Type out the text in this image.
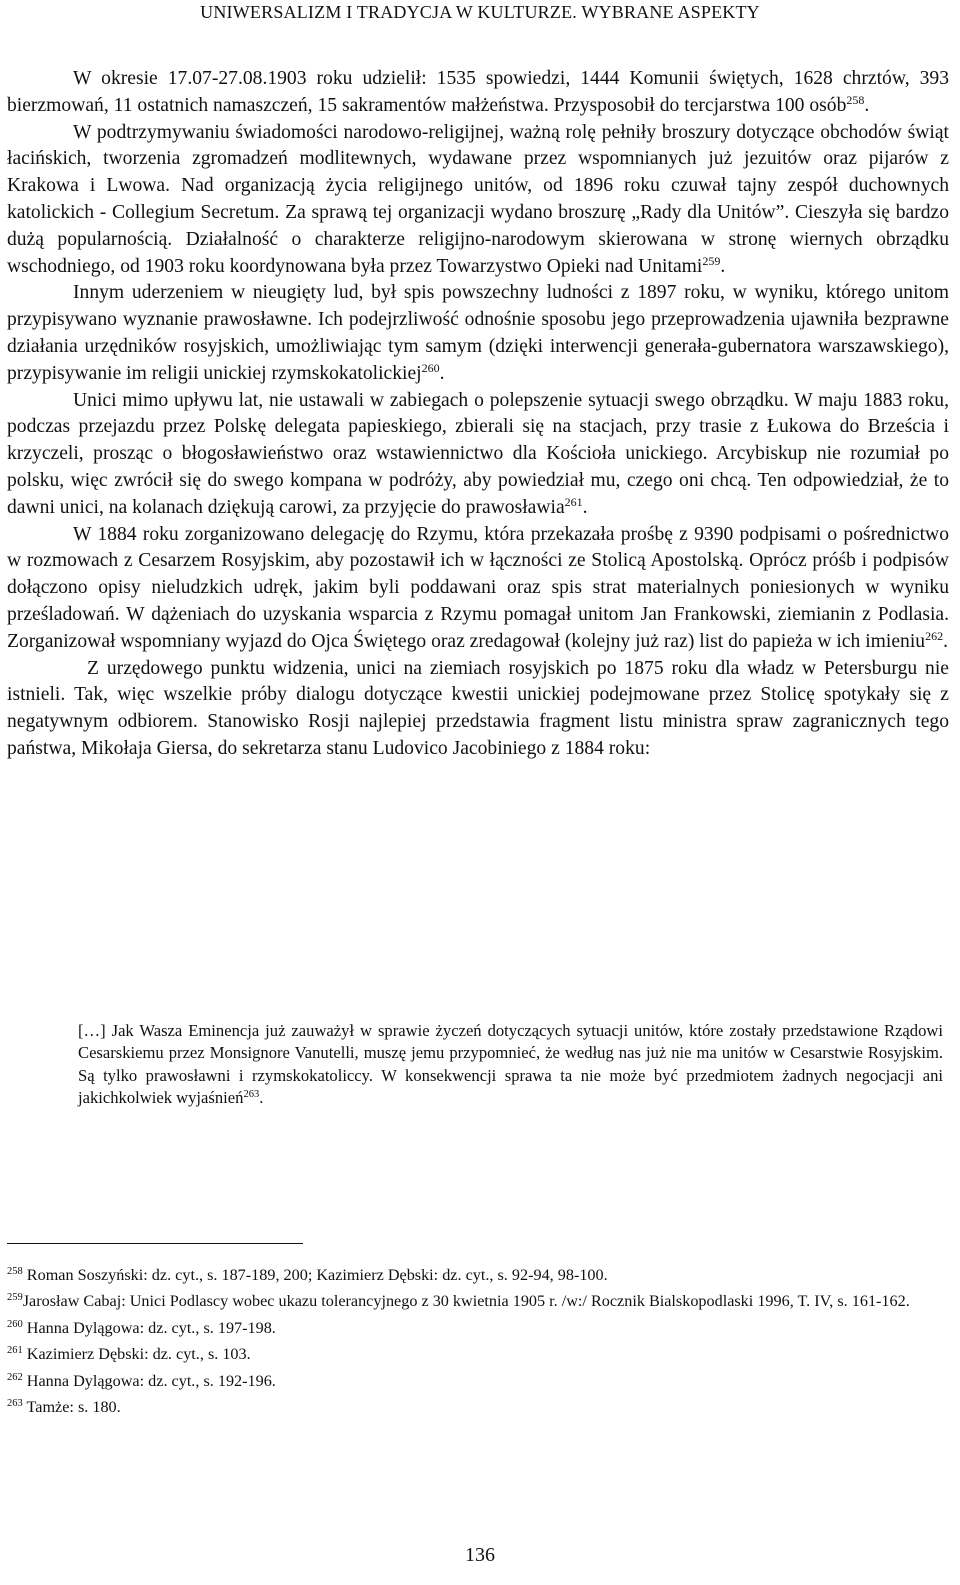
UNIWERSALIZM I TRADYCJA W KULTURZE. WYBRANE ASPEKTY

W okresie 17.07-27.08.1903 roku udzielił: 1535 spowiedzi, 1444 Komunii świętych, 1628 chrztów, 393 bierzmowań, 11 ostatnich namaszczeń, 15 sakramentów małżeństwa. Przysposobił do tercjarstwa 100 osób$^{258}$.

W podtrzymywaniu świadomości narodowo-religijnej, ważną rolę pełniły broszury dotyczące obchodów świąt łacińskich, tworzenia zgromadzeń modlitewnych, wydawane przez wspomnianych już jezuitów oraz pijarów z Krakowa i Lwowa. Nad organizacją życia religijnego unitów, od 1896 roku czuwał tajny zespół duchownych katolickich - Collegium Secretum. Za sprawą tej organizacji wydano broszurę „Rady dla Unitów”. Cieszyła się bardzo dużą popularnością. Działalność o charakterze religijno-narodowym skierowana w stronę wiernych obrządku wschodniego, od 1903 roku koordynowana była przez Towarzystwo Opieki nad Unitami$^{259}$.

Innym uderzeniem w nieugięty lud, był spis powszechny ludności z 1897 roku, w wyniku, którego unitom przypisywano wyznanie prawosławne. Ich podejrzliwość odnośnie sposobu jego przeprowadzenia ujawniła bezprawne działania urzędników rosyjskich, umożliwiając tym samym (dzięki interwencji generała-gubernatora warszawskiego), przypisywanie im religii unickiej rzymskokatolickiej$^{260}$.

Unici mimo upływu lat, nie ustawali w zabiegach o polepszenie sytuacji swego obrządku. W maju 1883 roku, podczas przejazdu przez Polskę delegata papieskiego, zbierali się na stacjach, przy trasie z Łukowa do Brześcia i krzyczeli, prosząc o błogosławieństwo oraz wstawiennictwo dla Kościoła unickiego. Arcybiskup nie rozumiał po polsku, więc zwrócił się do swego kompana w podróży, aby powiedział mu, czego oni chcą. Ten odpowiedział, że to dawni unici, na kolanach dziękują carowi, za przyjęcie do prawosławia$^{261}$.

W 1884 roku zorganizowano delegację do Rzymu, która przekazała prośbę z 9390 podpisami o pośrednictwo w rozmowach z Cesarzem Rosyjskim, aby pozostawił ich w łączności ze Stolicą Apostolską. Oprócz próśb i podpisów dołączono opisy nieludzkich udręk, jakim byli poddawani oraz spis strat materialnych poniesionych w wyniku prześladowań. W dążeniach do uzyskania wsparcia z Rzymu pomagał unitom Jan Frankowski, ziemianin z Podlasia. Zorganizował wspomniany wyjazd do Ojca Świętego oraz zredagował (kolejny już raz) list do papieża w ich imieniu$^{262}$.

Z urzędowego punktu widzenia, unici na ziemiach rosyjskich po 1875 roku dla władz w Petersburgu nie istnieli. Tak, więc wszelkie próby dialogu dotyczące kwestii unickiej podejmowane przez Stolicę spotykały się z negatywnym odbiorem. Stanowisko Rosji najlepiej przedstawia fragment listu ministra spraw zagranicznych tego państwa, Mikołaja Giersa, do sekretarza stanu Ludovico Jacobiniego z 1884 roku:

[…] Jak Wasza Eminencja już zauważył w sprawie życzeń dotyczących sytuacji unitów, które zostały przedstawione Rządowi Cesarskiemu przez Monsignore Vanutelli, muszę jemu przypomnieć, że według nas już nie ma unitów w Cesarstwie Rosyjskim. Są tylko prawosławni i rzymskokatoliccy. W konsekwencji sprawa ta nie może być przedmiotem żadnych negocjacji ani jakichkolwiek wyjaśnień$^{263}$.

$^{258}$ Roman Soszyński: dz. cyt., s. 187-189, 200; Kazimierz Dębski: dz. cyt., s. 92-94, 98-100.

$^{259}$Jarosław Cabaj: Unici Podlascy wobec ukazu tolerancyjnego z 30 kwietnia 1905 r. /w:/ Rocznik Bialskopodlaski 1996, T. IV, s. 161-162.

$^{260}$ Hanna Dylągowa: dz. cyt., s. 197-198.

$^{261}$ Kazimierz Dębski: dz. cyt., s. 103.

$^{262}$ Hanna Dylągowa: dz. cyt., s. 192-196.

$^{263}$ Tamże: s. 180.

136
